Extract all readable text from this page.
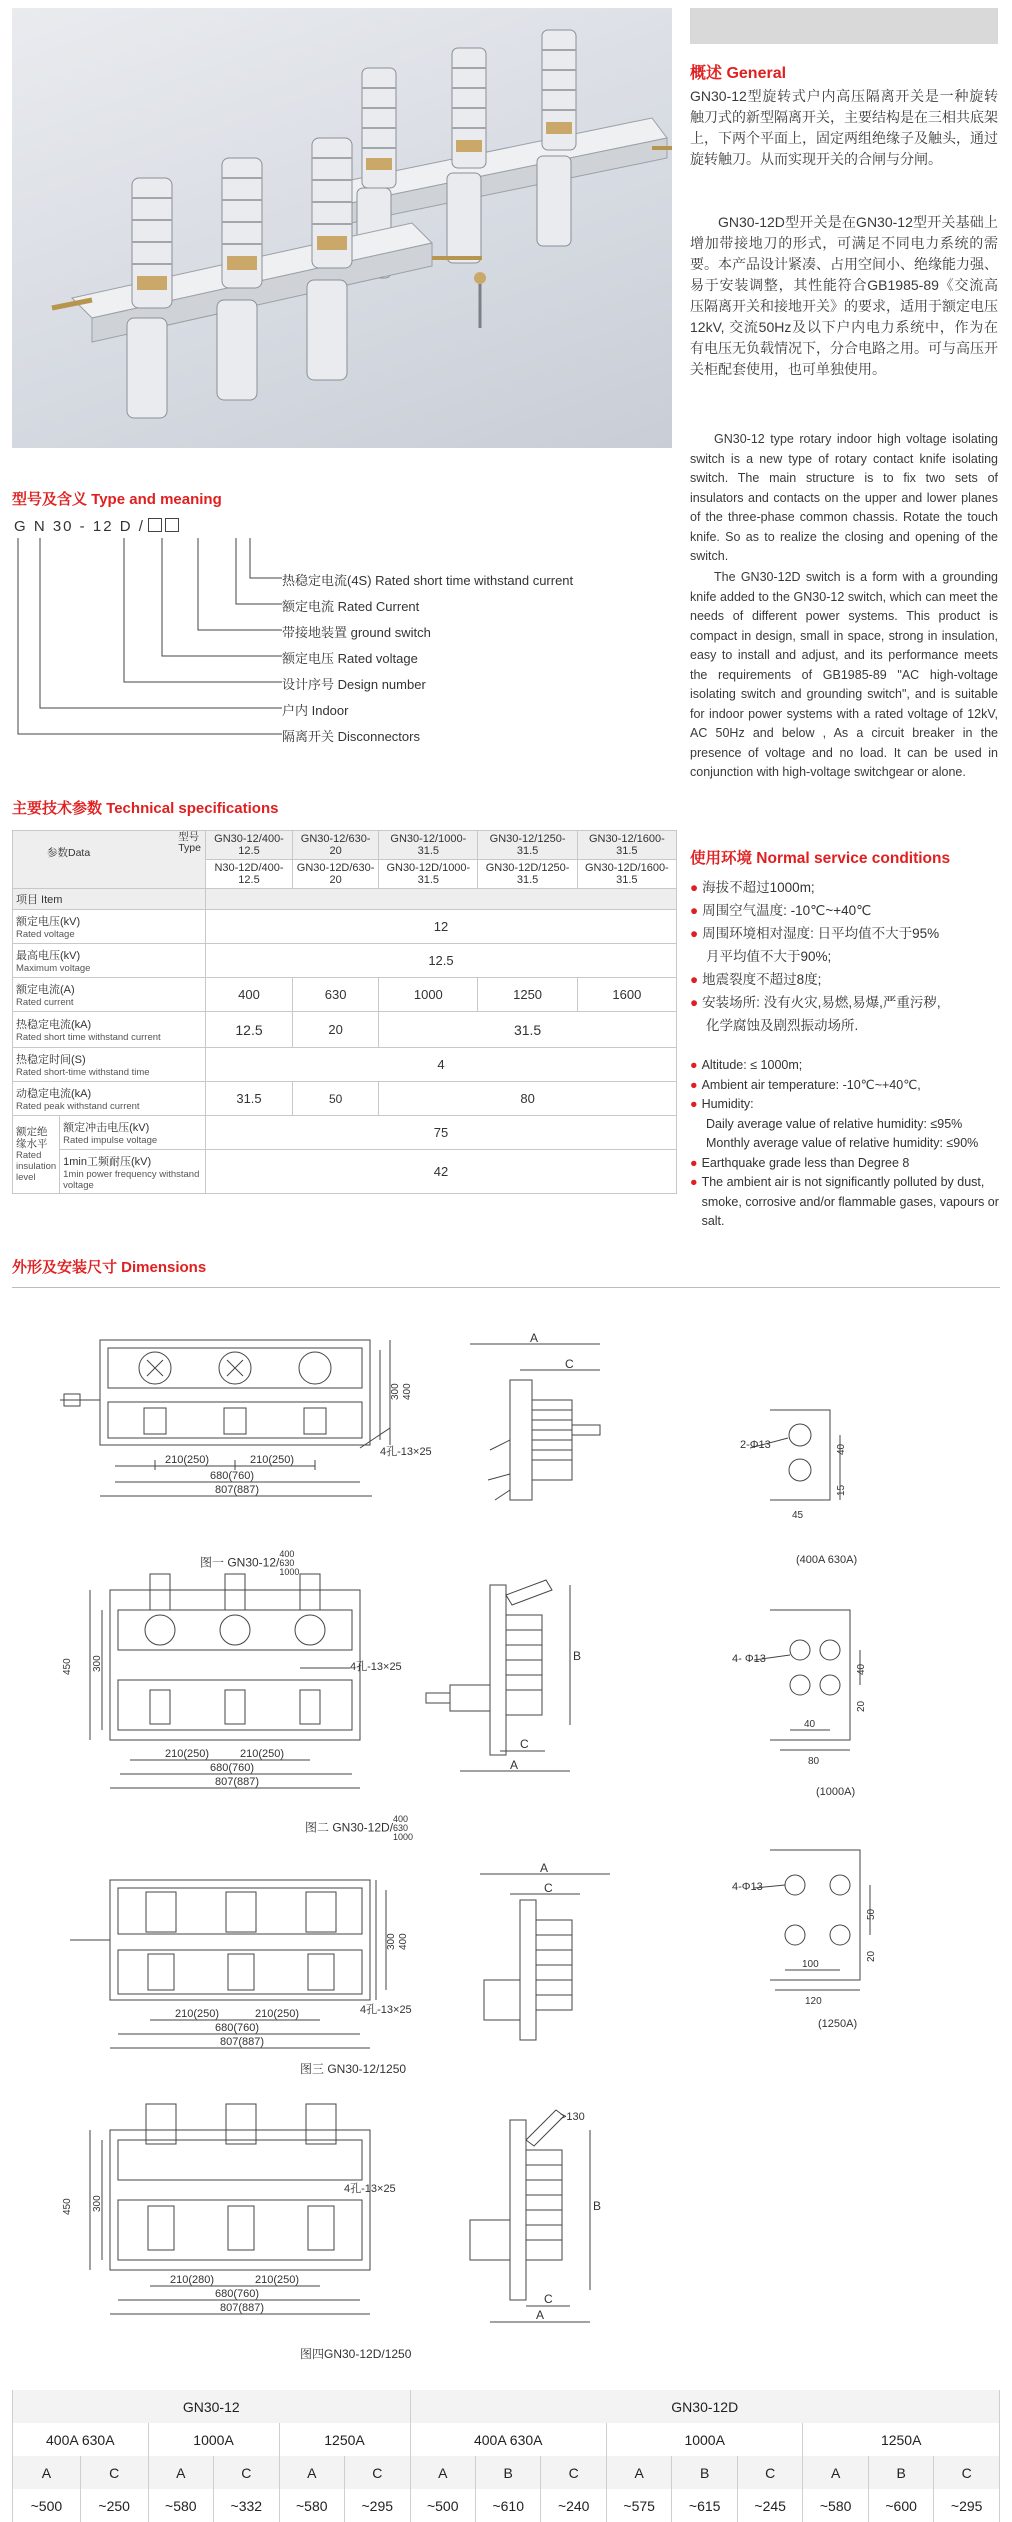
概述 General
GN30-12型旋转式户内高压隔离开关是一种旋转触刀式的新型隔离开关，主要结构是在三相共底架上，下两个平面上，固定两组绝缘子及触头，通过旋转触刀。从而实现开关的合闸与分闸。
GN30-12D型开关是在GN30-12型开关基础上增加带接地刀的形式，可满足不同电力系统的需要。本产品设计紧凑、占用空间小、绝缘能力强、易于安装调整，其性能符合GB1985-89《交流高压隔离开关和接地开关》的要求，适用于额定电压12kV, 交流50Hz及以下户内电力系统中，作为在有电压无负载情况下，分合电路之用。可与高压开关柜配套使用，也可单独使用。
GN30-12 type rotary indoor high voltage isolating switch is a new type of rotary contact knife isolating switch. The main structure is to fix two sets of insulators and contacts on the upper and lower planes of the three-phase common chassis. Rotate the touch knife. So as to realize the closing and opening of the switch.
The GN30-12D switch is a form with a grounding knife added to the GN30-12 switch, which can meet the needs of different power systems. This product is compact in design, small in space, strong in insulation, easy to install and adjust, and its performance meets the requirements of GB1985-89 "AC high-voltage isolating switch and grounding switch", and is suitable for indoor power systems with a rated voltage of 12kV, AC 50Hz and below , As a circuit breaker in the presence of voltage and no load. It can be used in conjunction with high-voltage switchgear or alone.
型号及含义 Type and meaning
G N 30 - 12 D /
热稳定电流(4S) Rated short time withstand current
额定电流 Rated Current
带接地装置 ground switch
额定电压 Rated voltage
设计序号 Design number
户内 Indoor
隔离开关 Disconnectors
主要技术参数 Technical specifications
型号
Type
参数Data		GN30-12/400-12.5	GN30-12/630-20	GN30-12/1000-31.5	GN30-12/1250-31.5	GN30-12/1600-31.5
		N30-12D/400-12.5	GN30-12D/630-20	GN30-12D/1000-31.5	GN30-12D/1250-31.5	GN30-12D/1600-31.5
项目 Item						
额定电压(kV)
Rated voltage		12				
最高电压(kV)
Maximum voltage		12.5				
额定电流(A)
Rated current		400	630	1000	1250	1600
热稳定电流(kA)
Rated short time withstand current		12.5	20	31.5		
热稳定时间(S)
Rated short-time withstand time		4				
动稳定电流(kA)
Rated peak withstand current		31.5	50	80		
额定绝缘水平
Rated insulation level	额定冲击电压(kV)
Rated impulse voltage	75				
	1min工频耐压(kV)
1min power frequency withstand voltage	42				
使用环境 Normal service conditions
● 海拔不超过1000m;
● 周围空气温度: -10℃~+40℃
● 周围环境相对湿度: 日平均值不大于95%
月平均值不大于90%;
● 地震裂度不超过8度;
● 安装场所: 没有火灾,易燃,易爆,严重污秽,
化学腐蚀及剧烈振动场所.
● Altitude: ≤ 1000m;
● Ambient air temperature: -10℃~+40℃,
● Humidity:
Daily average value of relative humidity: ≤95%
Monthly average value of relative humidity: ≤90%
● Earthquake grade less than Degree 8
● The ambient air is not significantly polluted by dust, smoke, corrosive and/or flammable gases, vapours or salt.
外形及安装尺寸 Dimensions
210(250)	210(250)
680(760)
807(887)
4孔-13×25
300 400
图一 GN30-12/400
630
1000
A
C
2-Φ13	40
15
45
(400A 630A)
450 300
210(250)	210(250)
680(760)
807(887)
4孔-13×25
图二 GN30-12D/400
630
1000
B
C
A
4- Φ13
40
20
40
80
(1000A)
210(250)	210(250)
680(760)
807(887)
4孔-13×25
300 400
图三 GN30-12/1250
A
C	4-Φ13
50
20
100
120
(1250A)
450 300
210(280)	210(250)
680(760)
807(887)
4孔-13×25
图四GN30-12D/1250
>130
B
C
A
GN30-12						GN30-12D								
400A 630A		1000A		1250A		400A 630A			1000A			1250A		
A	C	A	C	A	C	A	B	C	A	B	C	A	B	C
~500	~250	~580	~332	~580	~295	~500	~610	~240	~575	~615	~245	~580	~600	~295
